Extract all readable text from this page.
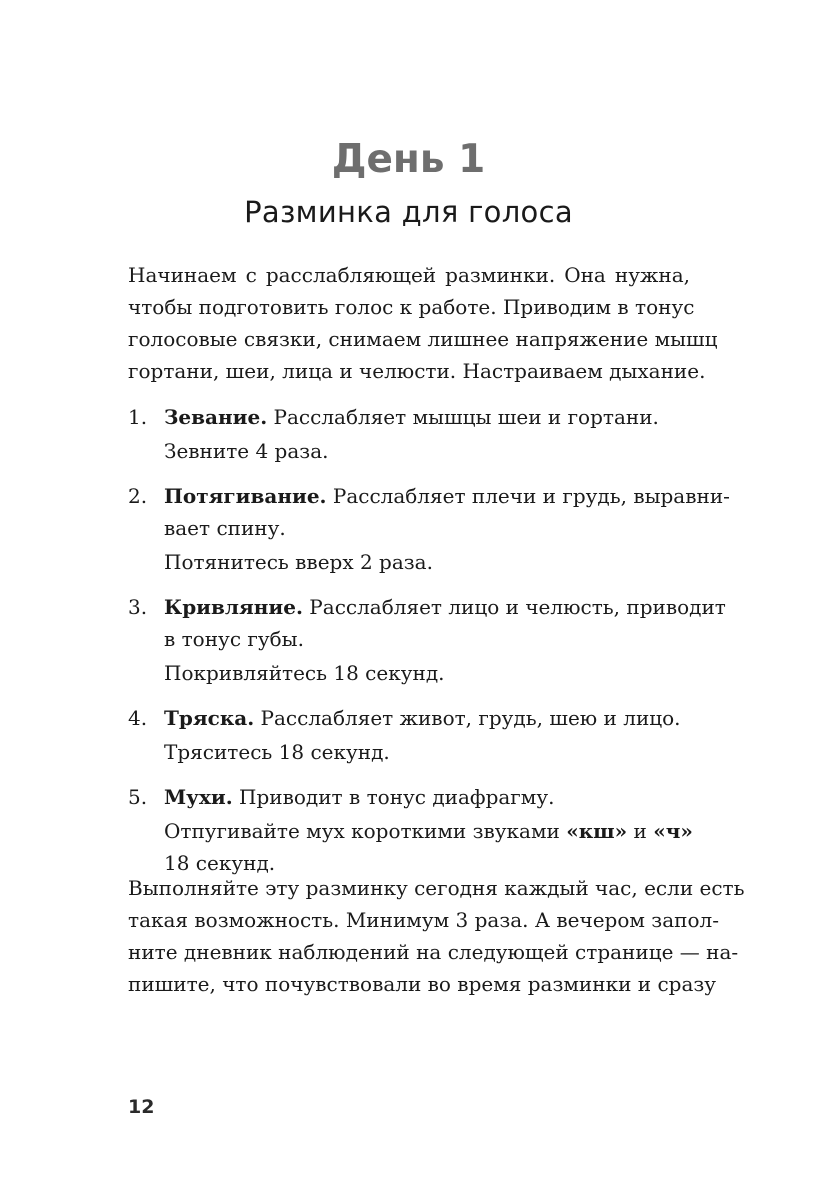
День 1
Разминка для голоса

Начинаем с расслабляющей разминки. Она нужна,
чтобы подготовить голос к работе. Приводим в тонус
голосовые связки, снимаем лишнее напряжение мышц
гортани, шеи, лица и челюсти. Настраиваем дыхание.

1. Зевание. Расслабляет мышцы шеи и гортани.
Зевните 4 раза.
2. Потягивание. Расслабляет плечи и грудь, выравни-
вает спину.
Потянитесь вверх 2 раза.
3. Кривляние. Расслабляет лицо и челюсть, приводит
в тонус губы.
Покривляйтесь 18 секунд.
4. Тряска. Расслабляет живот, грудь, шею и лицо.
Тряситесь 18 секунд.
5. Мухи. Приводит в тонус диафрагму.
Отпугивайте мух короткими звуками «кш» и «ч»
18 секунд.

Выполняйте эту разминку сегодня каждый час, если есть
такая возможность. Минимум 3 раза. А вечером запол-
ните дневник наблюдений на следующей странице — на-
пишите, что почувствовали во время разминки и сразу

12
